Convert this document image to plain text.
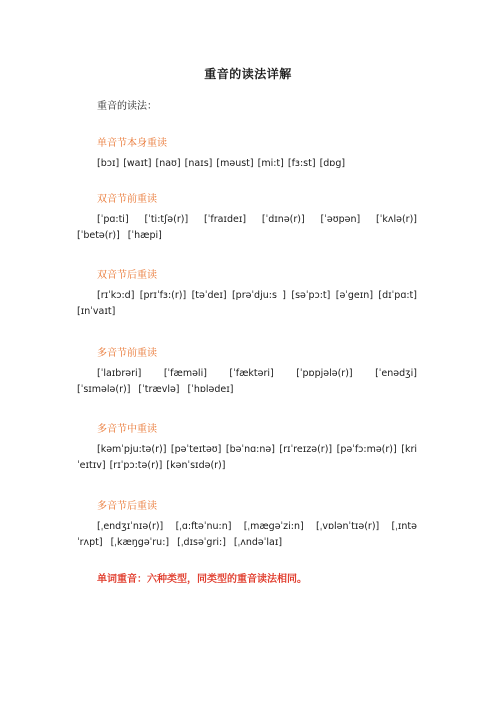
重音的读法详解
重音的读法：
单音节本身重读
[bɔɪ] [waɪt] [naʊ] [naɪs] [məust] [mi:t] [fɜ:st] [dɒg]
双音节前重读
[ˈpɑ:ti] [ˈti:tʃə(r)] [ˈfraɪdeɪ] [ˈdɪnə(r)] [ˈəʊpən] [ˈkʌlə(r)] [ˈbetə(r)] [ˈhæpi]
双音节后重读
[rɪˈkɔ:d] [prɪˈfɜ:(r)] [təˈdeɪ] [prəˈdju:s ] [səˈpɔ:t] [əˈgeɪn] [dɪˈpɑ:t] [ɪnˈvaɪt]
多音节前重读
[ˈlaɪbrəri] [ˈfæməli] [ˈfæktəri] [ˈpɒpjələ(r)] [ˈenədʒi] [ˈsɪmələ(r)] [ˈtrævlə] [ˈhɒlədeɪ]
多音节中重读
[kəmˈpju:tə(r)] [pəˈteɪtəʊ] [bəˈnɑ:nə] [rɪˈreɪzə(r)] [pəˈfɔ:mə(r)] [kriˈeɪtɪv] [rɪˈpɔ:tə(r)] [kənˈsɪdə(r)]
多音节后重读
[ˌendʒɪˈnɪə(r)] [ˌɑ:ftəˈnu:n] [ˌmægəˈzi:n] [ˌvɒlənˈtɪə(r)] [ˌɪntəˈrʌpt] [ˌkæŋgəˈru:] [ˌdɪsəˈgri:] [ˌʌndəˈlaɪ]
单词重音：六种类型，同类型的重音读法相同。
